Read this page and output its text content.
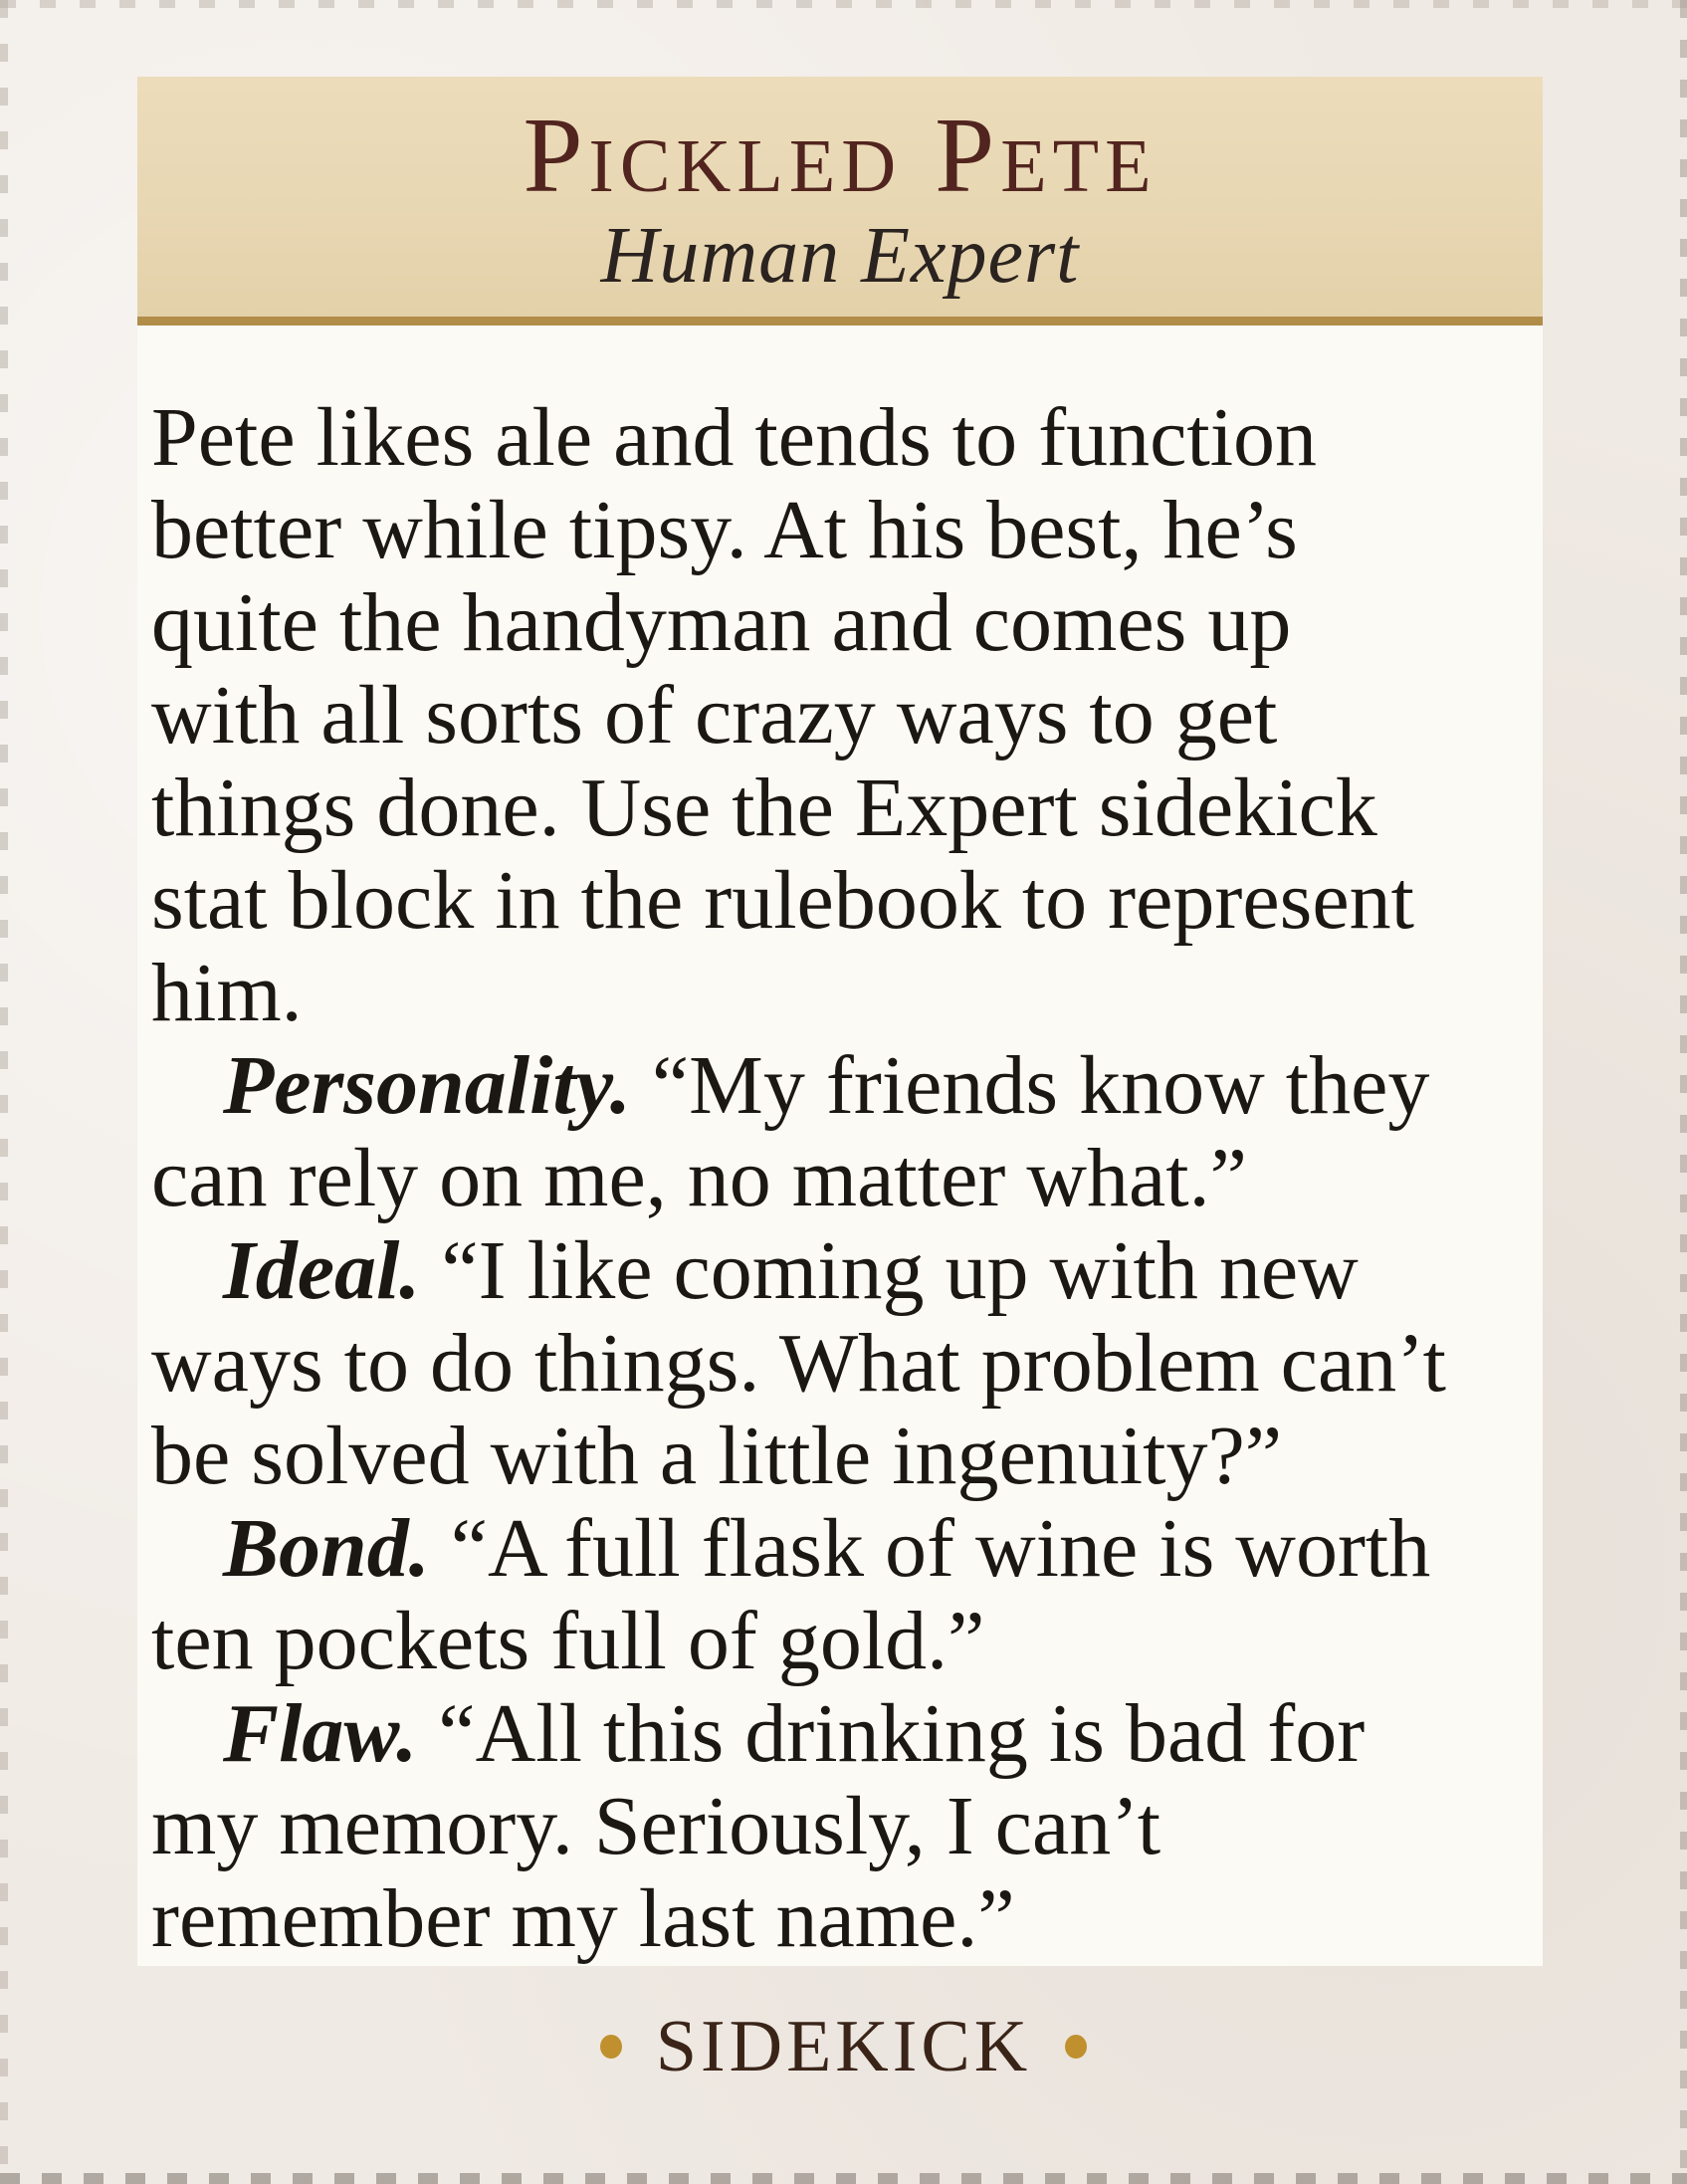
Pickled Pete
Human Expert

Pete likes ale and tends to function better while tipsy. At his best, he’s quite the handyman and comes up with all sorts of crazy ways to get things done. Use the Expert sidekick stat block in the rulebook to represent him.

Personality. “My friends know they can rely on me, no matter what.”

Ideal. “I like coming up with new ways to do things. What problem can’t be solved with a little ingenuity?”

Bond. “A full flask of wine is worth ten pockets full of gold.”

Flaw. “All this drinking is bad for my memory. Seriously, I can’t remember my last name.”

SIDEKICK
